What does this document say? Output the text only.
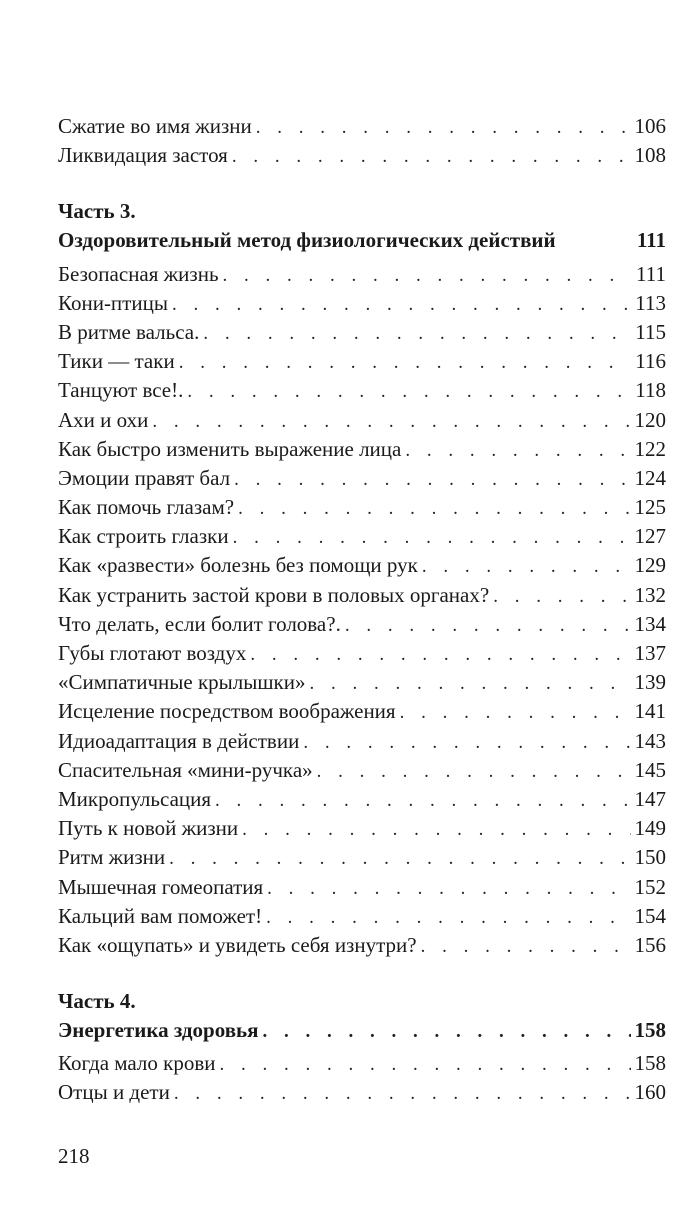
Сжатие во имя жизни . . .	106
Ликвидация застоя . . .	108
Часть 3.
Оздоровительный метод физиологических действий	111
Безопасная жизнь . . .	111
Кони-птицы . . .	113
В ритме вальса. . . .	115
Тики — таки . . .	116
Танцуют все!. . . .	118
Ахи и охи . . .	120
Как быстро изменить выражение лица . . .	122
Эмоции правят бал . . .	124
Как помочь глазам? . . .	125
Как строить глазки . . .	127
Как «развести» болезнь без помощи рук . . .	129
Как устранить застой крови в половых органах? . . .	132
Что делать, если болит голова?. . . .	134
Губы глотают воздух . . .	137
«Симпатичные крылышки» . . .	139
Исцеление посредством воображения . . .	141
Идиоадаптация в действии . . .	143
Спасительная «мини-ручка» . . .	145
Микропульсация . . .	147
Путь к новой жизни . . .	149
Ритм жизни . . .	150
Мышечная гомеопатия . . .	152
Кальций вам поможет! . . .	154
Как «ощупать» и увидеть себя изнутри? . . .	156
Часть 4.
Энергетика здоровья . . .	158
Когда мало крови . . .	158
Отцы и дети . . .	160
218
